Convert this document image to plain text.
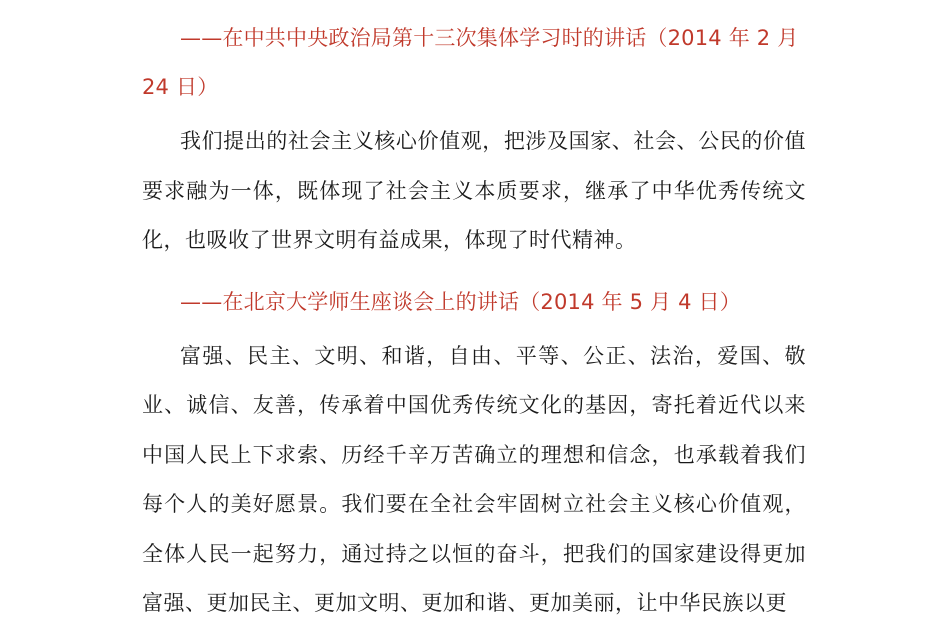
——在中共中央政治局第十三次集体学习时的讲话（2014 年 2 月 24 日）

我们提出的社会主义核心价值观，把涉及国家、社会、公民的价值要求融为一体，既体现了社会主义本质要求，继承了中华优秀传统文化，也吸收了世界文明有益成果，体现了时代精神。

——在北京大学师生座谈会上的讲话（2014 年 5 月 4 日）

富强、民主、文明、和谐，自由、平等、公正、法治，爱国、敬业、诚信、友善，传承着中国优秀传统文化的基因，寄托着近代以来中国人民上下求索、历经千辛万苦确立的理想和信念，也承载着我们每个人的美好愿景。我们要在全社会牢固树立社会主义核心价值观，全体人民一起努力，通过持之以恒的奋斗，把我们的国家建设得更加富强、更加民主、更加文明、更加和谐、更加美丽，让中华民族以更
